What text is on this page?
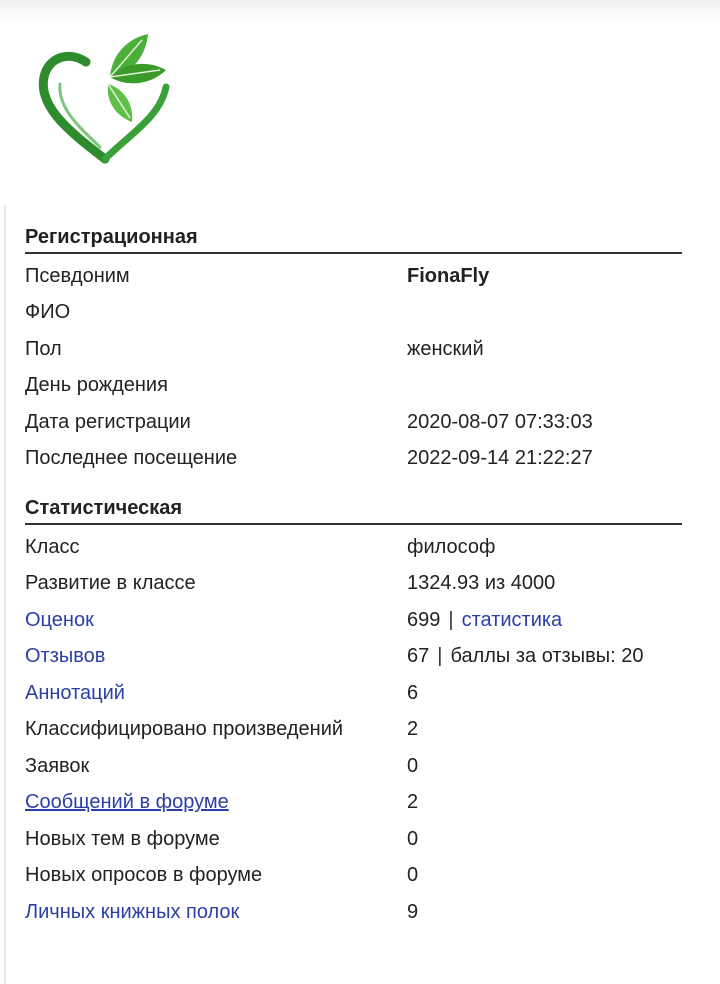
Регистрационная
Псевдоним	FionaFly
ФИО
Пол	женский
День рождения
Дата регистрации	2020-08-07 07:33:03
Последнее посещение	2022-09-14 21:22:27
Статистическая
Класс	философ
Развитие в классе	1324.93 из 4000
Оценок	699 | статистика
Отзывов	67 | баллы за отзывы: 20
Аннотаций	6
Классифицировано произведений	2
Заявок	0
Сообщений в форуме	2
Новых тем в форуме	0
Новых опросов в форуме	0
Личных книжных полок	9
